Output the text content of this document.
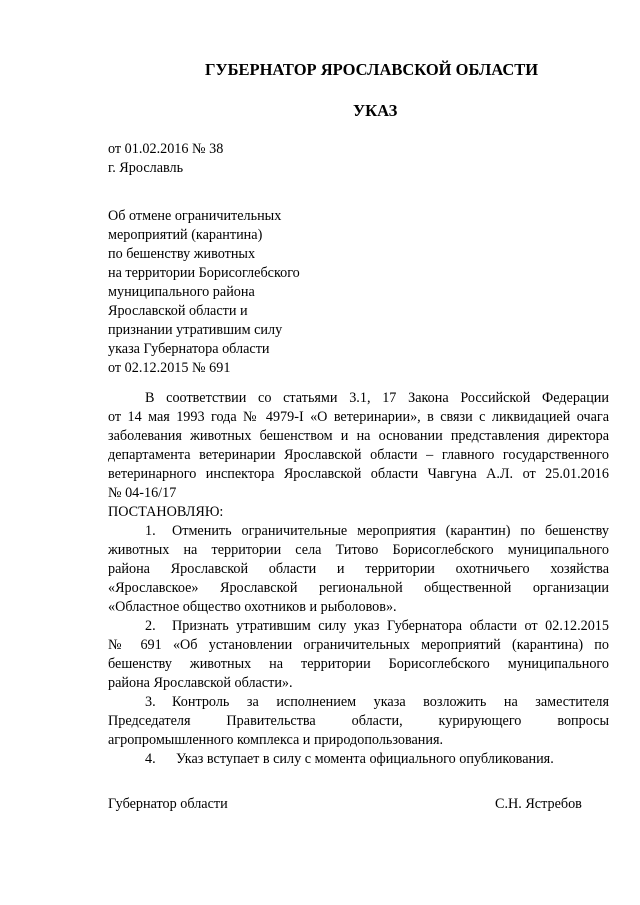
ГУБЕРНАТОР ЯРОСЛАВСКОЙ ОБЛАСТИ
УКАЗ
от 01.02.2016 № 38
г. Ярославль
Об отмене ограничительных
мероприятий (карантина)
по бешенству животных
на территории Борисоглебского
муниципального района
Ярославской области и
признании утратившим силу
указа Губернатора области
от 02.12.2015 № 691
В соответствии со статьями 3.1, 17 Закона Российской Федерации
от 14 мая 1993 года № 4979-I «О ветеринарии», в связи с ликвидацией очага
заболевания животных бешенством и на основании представления директора
департамента ветеринарии Ярославской области – главного государственного
ветеринарного инспектора Ярославской области Чавгуна А.Л. от 25.01.2016
№ 04-16/17
ПОСТАНОВЛЯЮ:
1. Отменить ограничительные мероприятия (карантин) по бешенству
животных на территории села Титово Борисоглебского муниципального
района Ярославской области и территории охотничьего хозяйства
«Ярославское» Ярославской региональной общественной организации
«Областное общество охотников и рыболовов».
2. Признать утратившим силу указ Губернатора области от 02.12.2015
№ 691 «Об установлении ограничительных мероприятий (карантина) по
бешенству животных на территории Борисоглебского муниципального
района Ярославской области».
3. Контроль за исполнением указа возложить на заместителя
Председателя Правительства области, курирующего вопросы
агропромышленного комплекса и природопользования.
4. Указ вступает в силу с момента официального опубликования.
Губернатор области	С.Н. Ястребов
